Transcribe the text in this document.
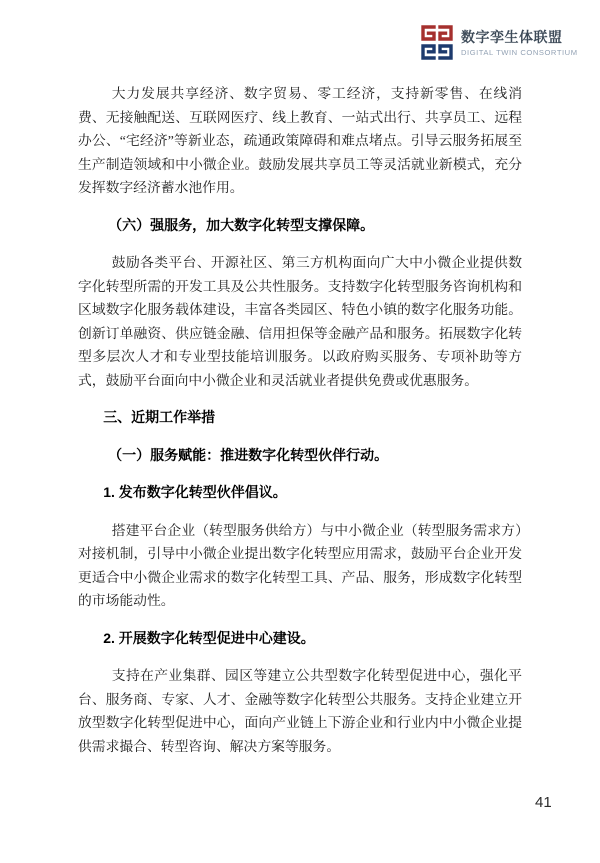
数字孪生体联盟
DIGITAL TWIN CONSORTIUM

大力发展共享经济、数字贸易、零工经济，支持新零售、在线消费、无接触配送、互联网医疗、线上教育、一站式出行、共享员工、远程办公、“宅经济”等新业态，疏通政策障碍和难点堵点。引导云服务拓展至生产制造领域和中小微企业。鼓励发展共享员工等灵活就业新模式，充分发挥数字经济蓄水池作用。

（六）强服务，加大数字化转型支撑保障。

鼓励各类平台、开源社区、第三方机构面向广大中小微企业提供数字化转型所需的开发工具及公共性服务。支持数字化转型服务咨询机构和区域数字化服务载体建设，丰富各类园区、特色小镇的数字化服务功能。创新订单融资、供应链金融、信用担保等金融产品和服务。拓展数字化转型多层次人才和专业型技能培训服务。以政府购买服务、专项补助等方式，鼓励平台面向中小微企业和灵活就业者提供免费或优惠服务。

三、近期工作举措
（一）服务赋能：推进数字化转型伙伴行动。
1. 发布数字化转型伙伴倡议。

搭建平台企业（转型服务供给方）与中小微企业（转型服务需求方）对接机制，引导中小微企业提出数字化转型应用需求，鼓励平台企业开发更适合中小微企业需求的数字化转型工具、产品、服务，形成数字化转型的市场能动性。

2. 开展数字化转型促进中心建设。

支持在产业集群、园区等建立公共型数字化转型促进中心，强化平台、服务商、专家、人才、金融等数字化转型公共服务。支持企业建立开放型数字化转型促进中心，面向产业链上下游企业和行业内中小微企业提供需求撮合、转型咨询、解决方案等服务。

41
